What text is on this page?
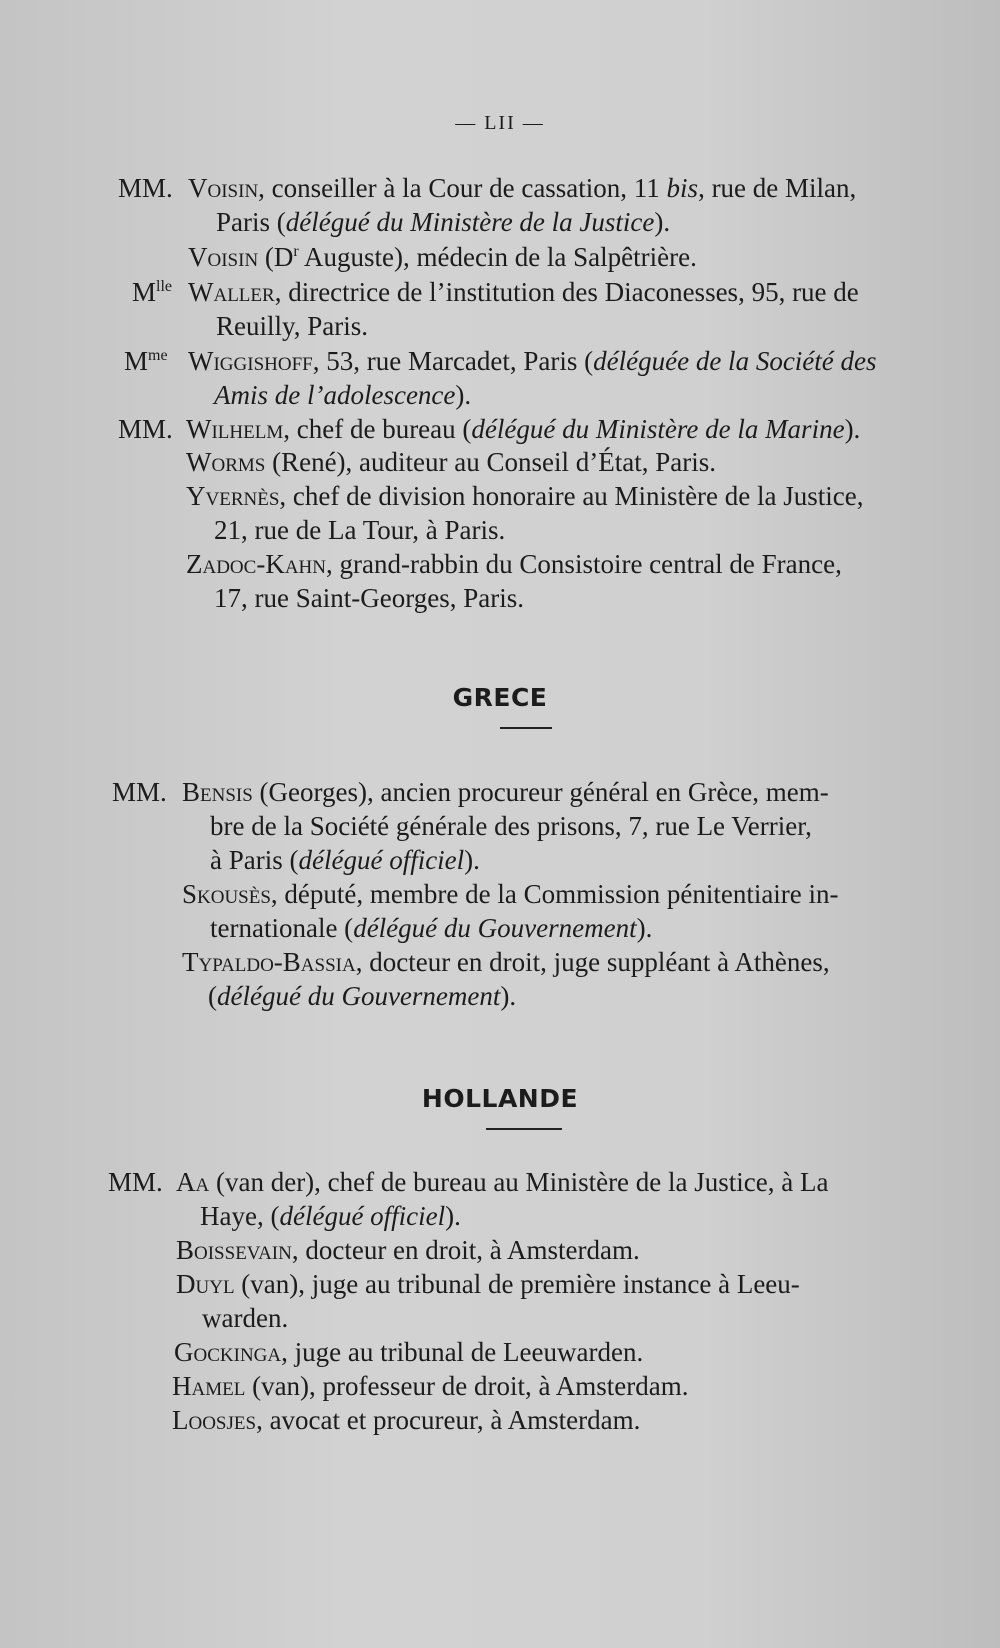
— LII —
MM. Voisin, conseiller à la Cour de cassation, 11 bis, rue de Milan,
Paris (délégué du Ministère de la Justice).
Voisin ($D^r$ Auguste), médecin de la Salpêtrière.
$M^{lle}$ Waller, directrice de l’institution des Diaconesses, 95, rue de
Reuilly, Paris.
$M^{me}$ Wiggishoff, 53, rue Marcadet, Paris (déléguée de la Société des
Amis de l’adolescence).
MM. Wilhelm, chef de bureau (délégué du Ministère de la Marine).
Worms (René), auditeur au Conseil d’État, Paris.
Yvernès, chef de division honoraire au Ministère de la Justice,
21, rue de La Tour, à Paris.
Zadoc-Kahn, grand-rabbin du Consistoire central de France,
17, rue Saint-Georges, Paris.
GRECE
MM. Bensis (Georges), ancien procureur général en Grèce, mem-
bre de la Société générale des prisons, 7, rue Le Verrier,
à Paris (délégué officiel).
Skousès, député, membre de la Commission pénitentiaire in-
ternationale (délégué du Gouvernement).
Typaldo-Bassia, docteur en droit, juge suppléant à Athènes,
(délégué du Gouvernement).
HOLLANDE
MM. Aa (van der), chef de bureau au Ministère de la Justice, à La
Haye, (délégué officiel).
Boissevain, docteur en droit, à Amsterdam.
Duyl (van), juge au tribunal de première instance à Leeu-
warden.
Gockinga, juge au tribunal de Leeuwarden.
Hamel (van), professeur de droit, à Amsterdam.
Loosjes, avocat et procureur, à Amsterdam.
